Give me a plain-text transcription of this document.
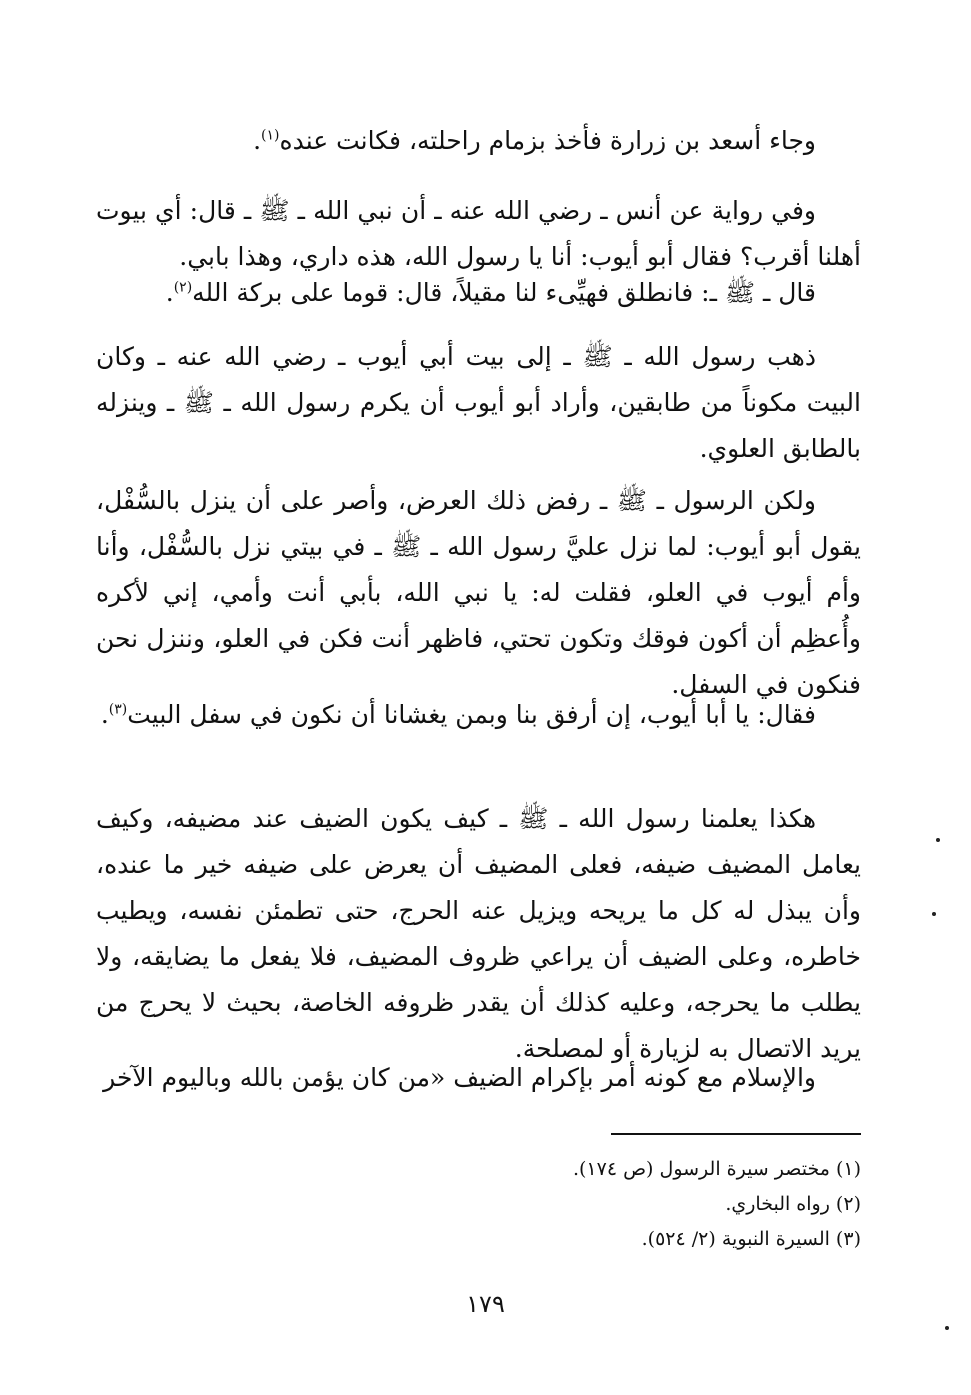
وجاء أسعد بن زرارة فأخذ بزمام راحلته، فكانت عنده$^{(١)}$.

وفي رواية عن أنس ـ رضي الله عنه ـ أن نبي الله ـ ﷺ ـ قال: أي بيوت أهلنا أقرب؟ فقال أبو أيوب: أنا يا رسول الله، هذه داري، وهذا بابي.

قال ـ ﷺ ـ: فانطلق فهيِّىء لنا مقيلاً، قال: قوما على بركة الله$^{(٢)}$.

ذهب رسول الله ـ ﷺ ـ إلى بيت أبي أيوب ـ رضي الله عنه ـ وكان البيت مكوناً من طابقين، وأراد أبو أيوب أن يكرم رسول الله ـ ﷺ ـ وينزله بالطابق العلوي.

ولكن الرسول ـ ﷺ ـ رفض ذلك العرض، وأصر على أن ينزل بالسُّفْل، يقول أبو أيوب: لما نزل عليَّ رسول الله ـ ﷺ ـ في بيتي نزل بالسُّفْل، وأنا وأم أيوب في العلو، فقلت له: يا نبي الله، بأبي أنت وأمي، إني لأكره وأُعظِم أن أكون فوقك وتكون تحتي، فاظهر أنت فكن في العلو، وننزل نحن فنكون في السفل.

فقال: يا أبا أيوب، إن أرفق بنا وبمن يغشانا أن نكون في سفل البيت$^{(٣)}$.

هكذا يعلمنا رسول الله ـ ﷺ ـ كيف يكون الضيف عند مضيفه، وكيف يعامل المضيف ضيفه، فعلى المضيف أن يعرض على ضيفه خير ما عنده، وأن يبذل له كل ما يريحه ويزيل عنه الحرج، حتى تطمئن نفسه، ويطيب خاطره، وعلى الضيف أن يراعي ظروف المضيف، فلا يفعل ما يضايقه، ولا يطلب ما يحرجه، وعليه كذلك أن يقدر ظروفه الخاصة، بحيث لا يحرج من يريد الاتصال به لزيارة أو لمصلحة.

والإسلام مع كونه أمر بإكرام الضيف «من كان يؤمن بالله وباليوم الآخر

(١) مختصر سيرة الرسول (ص ١٧٤).
(٢) رواه البخاري.
(٣) السيرة النبوية (٢/ ٥٢٤).
١٧٩
